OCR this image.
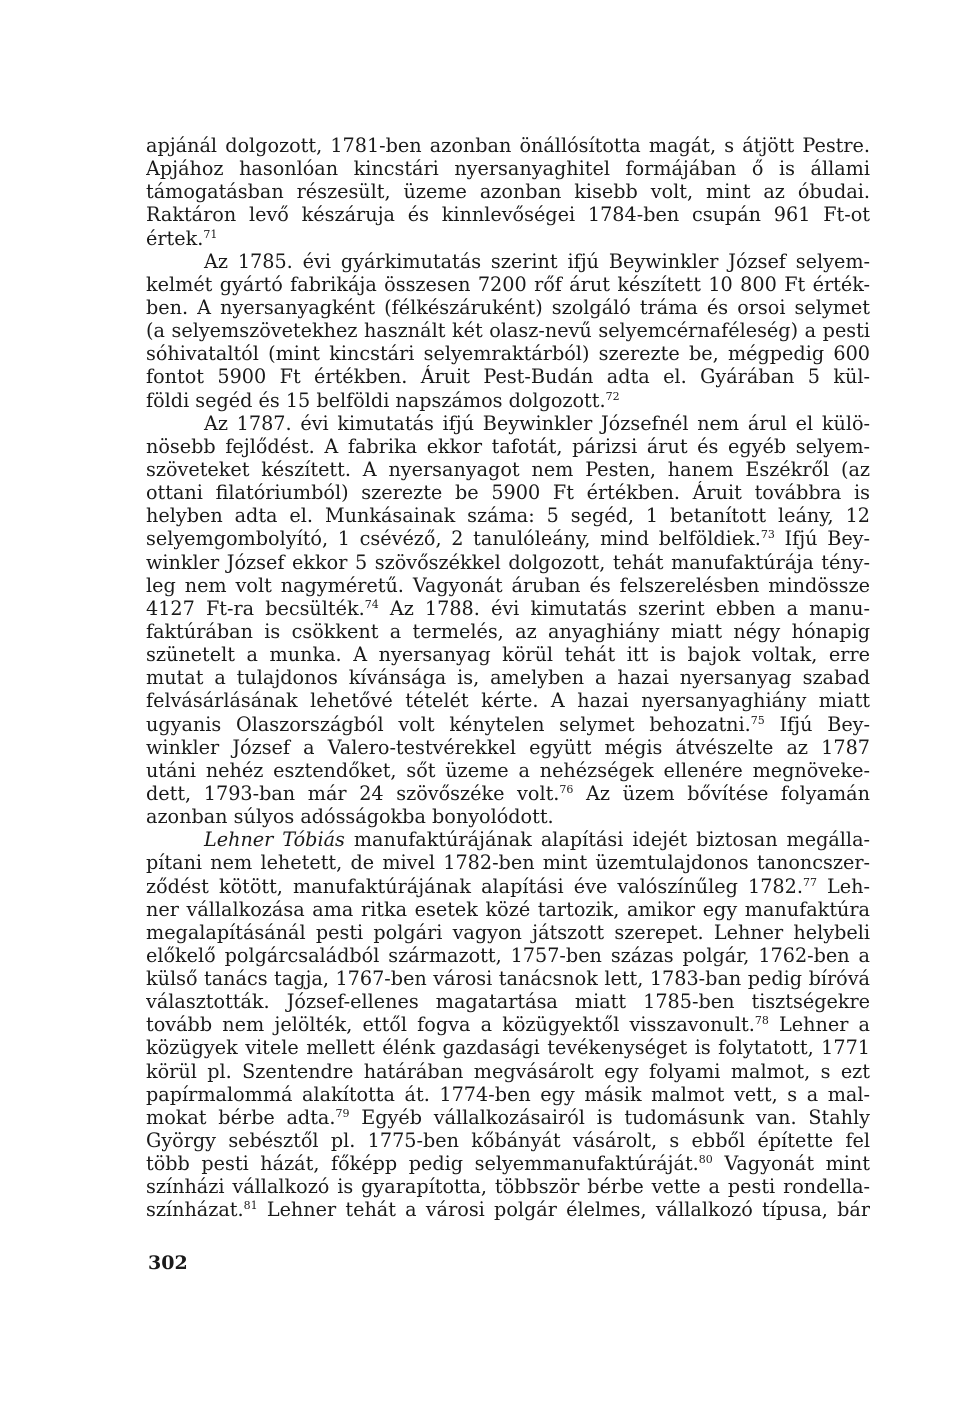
apjánál dolgozott, 1781-ben azonban önállósította magát, s átjött Pestre.
Apjához hasonlóan kincstári nyersanyaghitel formájában ő is állami
támogatásban részesült, üzeme azonban kisebb volt, mint az óbudai.
Raktáron levő készáruja és kinnlevőségei 1784-ben csupán 961 Ft-ot
értek.$^{71}$
Az 1785. évi gyárkimutatás szerint ifjú Beywinkler József selyem-
kelmét gyártó fabrikája összesen 7200 rőf árut készített 10 800 Ft érték-
ben. A nyersanyagként (félkészáruként) szolgáló tráma és orsoi selymet
(a selyemszövetekhez használt két olasz-nevű selyemcérnaféleség) a pesti
sóhivataltól (mint kincstári selyemraktárból) szerezte be, mégpedig 600
fontot 5900 Ft értékben. Áruit Pest-Budán adta el. Gyárában 5 kül-
földi segéd és 15 belföldi napszámos dolgozott.$^{72}$
Az 1787. évi kimutatás ifjú Beywinkler Józsefnél nem árul el külö-
nösebb fejlődést. A fabrika ekkor tafotát, párizsi árut és egyéb selyem-
szöveteket készített. A nyersanyagot nem Pesten, hanem Eszékről (az
ottani filatóriumból) szerezte be 5900 Ft értékben. Áruit továbbra is
helyben adta el. Munkásainak száma: 5 segéd, 1 betanított leány, 12
selyemgombolyító, 1 csévéző, 2 tanulóleány, mind belföldiek.$^{73}$ Ifjú Bey-
winkler József ekkor 5 szövőszékkel dolgozott, tehát manufaktúrája tény-
leg nem volt nagyméretű. Vagyonát áruban és felszerelésben mindössze
4127 Ft-ra becsülték.$^{74}$ Az 1788. évi kimutatás szerint ebben a manu-
faktúrában is csökkent a termelés, az anyaghiány miatt négy hónapig
szünetelt a munka. A nyersanyag körül tehát itt is bajok voltak, erre
mutat a tulajdonos kívánsága is, amelyben a hazai nyersanyag szabad
felvásárlásának lehetővé tételét kérte. A hazai nyersanyaghiány miatt
ugyanis Olaszországból volt kénytelen selymet behozatni.$^{75}$ Ifjú Bey-
winkler József a Valero-testvérekkel együtt mégis átvészelte az 1787
utáni nehéz esztendőket, sőt üzeme a nehézségek ellenére megnöveke-
dett, 1793-ban már 24 szövőszéke volt.$^{76}$ Az üzem bővítése folyamán
azonban súlyos adósságokba bonyolódott.
Lehner Tóbiás manufaktúrájának alapítási idejét biztosan megálla-
pítani nem lehetett, de mivel 1782-ben mint üzemtulajdonos tanoncszer-
ződést kötött, manufaktúrájának alapítási éve valószínűleg 1782.77 Leh-
ner vállalkozása ama ritka esetek közé tartozik, amikor egy manufaktúra
megalapításánál pesti polgári vagyon játszott szerepet. Lehner helybeli
előkelő polgárcsaládból származott, 1757-ben százas polgár, 1762-ben a
külső tanács tagja, 1767-ben városi tanácsnok lett, 1783-ban pedig bíróvá
választották. József-ellenes magatartása miatt 1785-ben tisztségekre
tovább nem jelölték, ettől fogva a közügyektől visszavonult.$^{78}$ Lehner a
közügyek vitele mellett élénk gazdasági tevékenységet is folytatott, 1771
körül pl. Szentendre határában megvásárolt egy folyami malmot, s ezt
papírmalommá alakította át. 1774-ben egy másik malmot vett, s a mal-
mokat bérbe adta.$^{79}$ Egyéb vállalkozásairól is tudomásunk van. Stahly
György sebésztől pl. 1775-ben kőbányát vásárolt, s ebből építette fel
több pesti házát, főképp pedig selyemmanufaktúráját.$^{80}$ Vagyonát mint
színházi vállalkozó is gyarapította, többször bérbe vette a pesti rondella-
színházat.$^{81}$ Lehner tehát a városi polgár élelmes, vállalkozó típusa, bár
302
